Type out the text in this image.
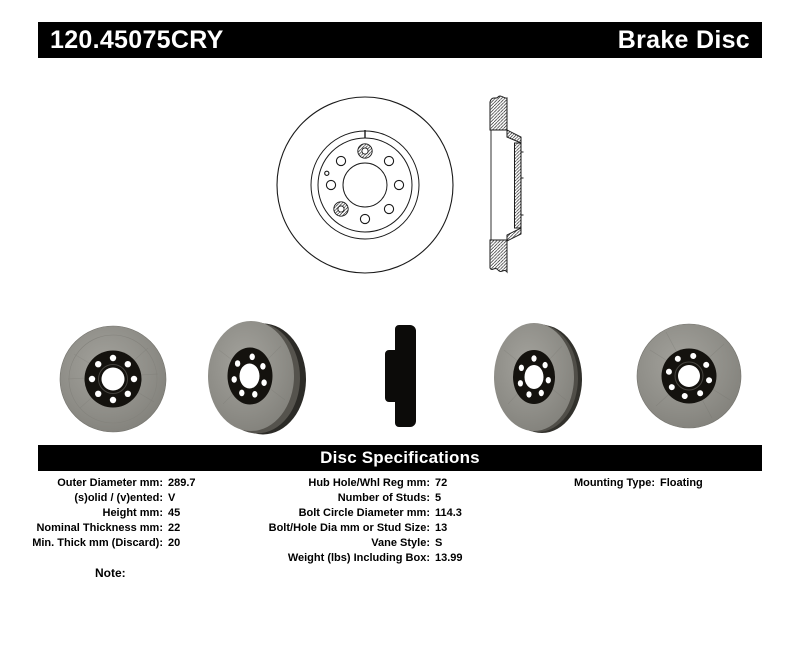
120.45075CRY	Brake Disc
Disc Specifications
Outer Diameter mm: 289.7
(s)olid / (v)ented: V
Height mm: 45
Nominal Thickness mm: 22
Min. Thick mm (Discard): 20
Hub Hole/Whl Reg mm: 72
Number of Studs: 5
Bolt Circle Diameter mm: 114.3
Bolt/Hole Dia mm or Stud Size: 13
Vane Style: S
Weight (lbs) Including Box: 13.99
Mounting Type: Floating
Note:
